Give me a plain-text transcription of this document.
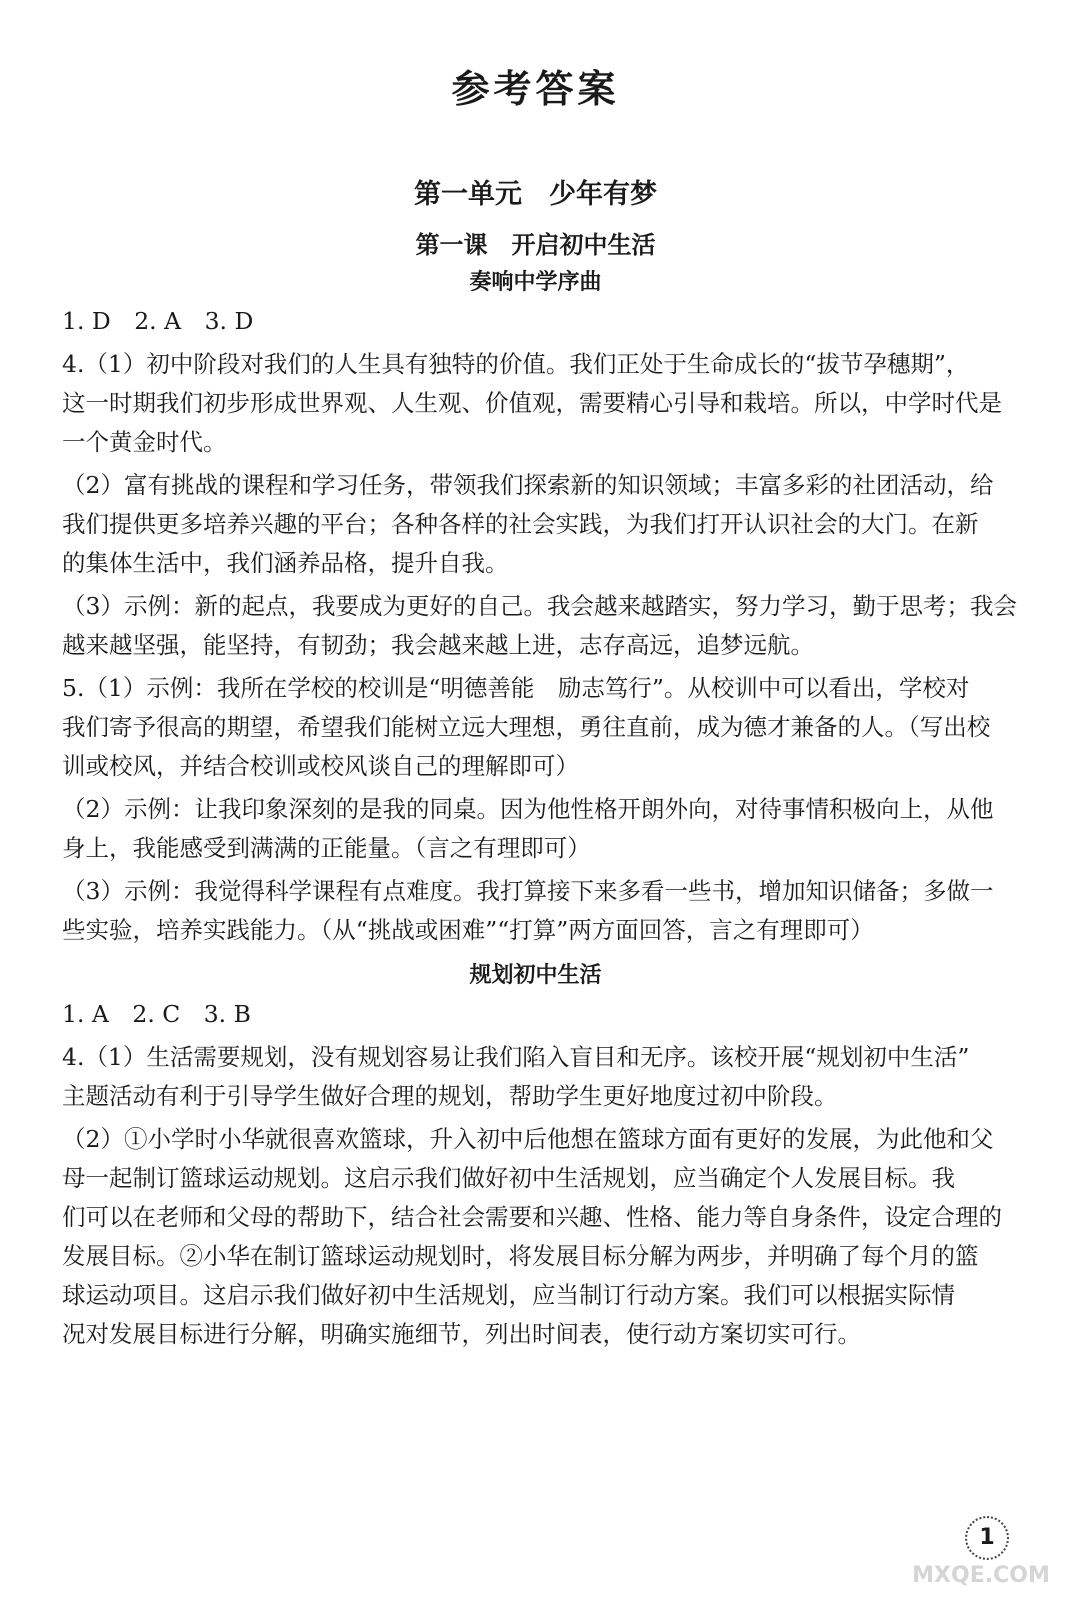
参考答案
第一单元　少年有梦
第一课　开启初中生活
奏响中学序曲
1. D　2. A　3. D
4.（1）初中阶段对我们的人生具有独特的价值。我们正处于生命成长的“拔节孕穗期”，
这一时期我们初步形成世界观、人生观、价值观，需要精心引导和栽培。所以，中学时代是
一个黄金时代。
（2）富有挑战的课程和学习任务，带领我们探索新的知识领域；丰富多彩的社团活动，给
我们提供更多培养兴趣的平台；各种各样的社会实践，为我们打开认识社会的大门。在新
的集体生活中，我们涵养品格，提升自我。
（3）示例：新的起点，我要成为更好的自己。我会越来越踏实，努力学习，勤于思考；我会
越来越坚强，能坚持，有韧劲；我会越来越上进，志存高远，追梦远航。
5.（1）示例：我所在学校的校训是“明德善能　励志笃行”。从校训中可以看出，学校对
我们寄予很高的期望，希望我们能树立远大理想，勇往直前，成为德才兼备的人。（写出校
训或校风，并结合校训或校风谈自己的理解即可）
（2）示例：让我印象深刻的是我的同桌。因为他性格开朗外向，对待事情积极向上，从他
身上，我能感受到满满的正能量。（言之有理即可）
（3）示例：我觉得科学课程有点难度。我打算接下来多看一些书，增加知识储备；多做一
些实验，培养实践能力。（从“挑战或困难”“打算”两方面回答，言之有理即可）
规划初中生活
1. A　2. C　3. B
4.（1）生活需要规划，没有规划容易让我们陷入盲目和无序。该校开展“规划初中生活”
主题活动有利于引导学生做好合理的规划，帮助学生更好地度过初中阶段。
（2）①小学时小华就很喜欢篮球，升入初中后他想在篮球方面有更好的发展，为此他和父
母一起制订篮球运动规划。这启示我们做好初中生活规划，应当确定个人发展目标。我
们可以在老师和父母的帮助下，结合社会需要和兴趣、性格、能力等自身条件，设定合理的
发展目标。②小华在制订篮球运动规划时，将发展目标分解为两步，并明确了每个月的篮
球运动项目。这启示我们做好初中生活规划，应当制订行动方案。我们可以根据实际情
况对发展目标进行分解，明确实施细节，列出时间表，使行动方案切实可行。
1
MXQE.COM
